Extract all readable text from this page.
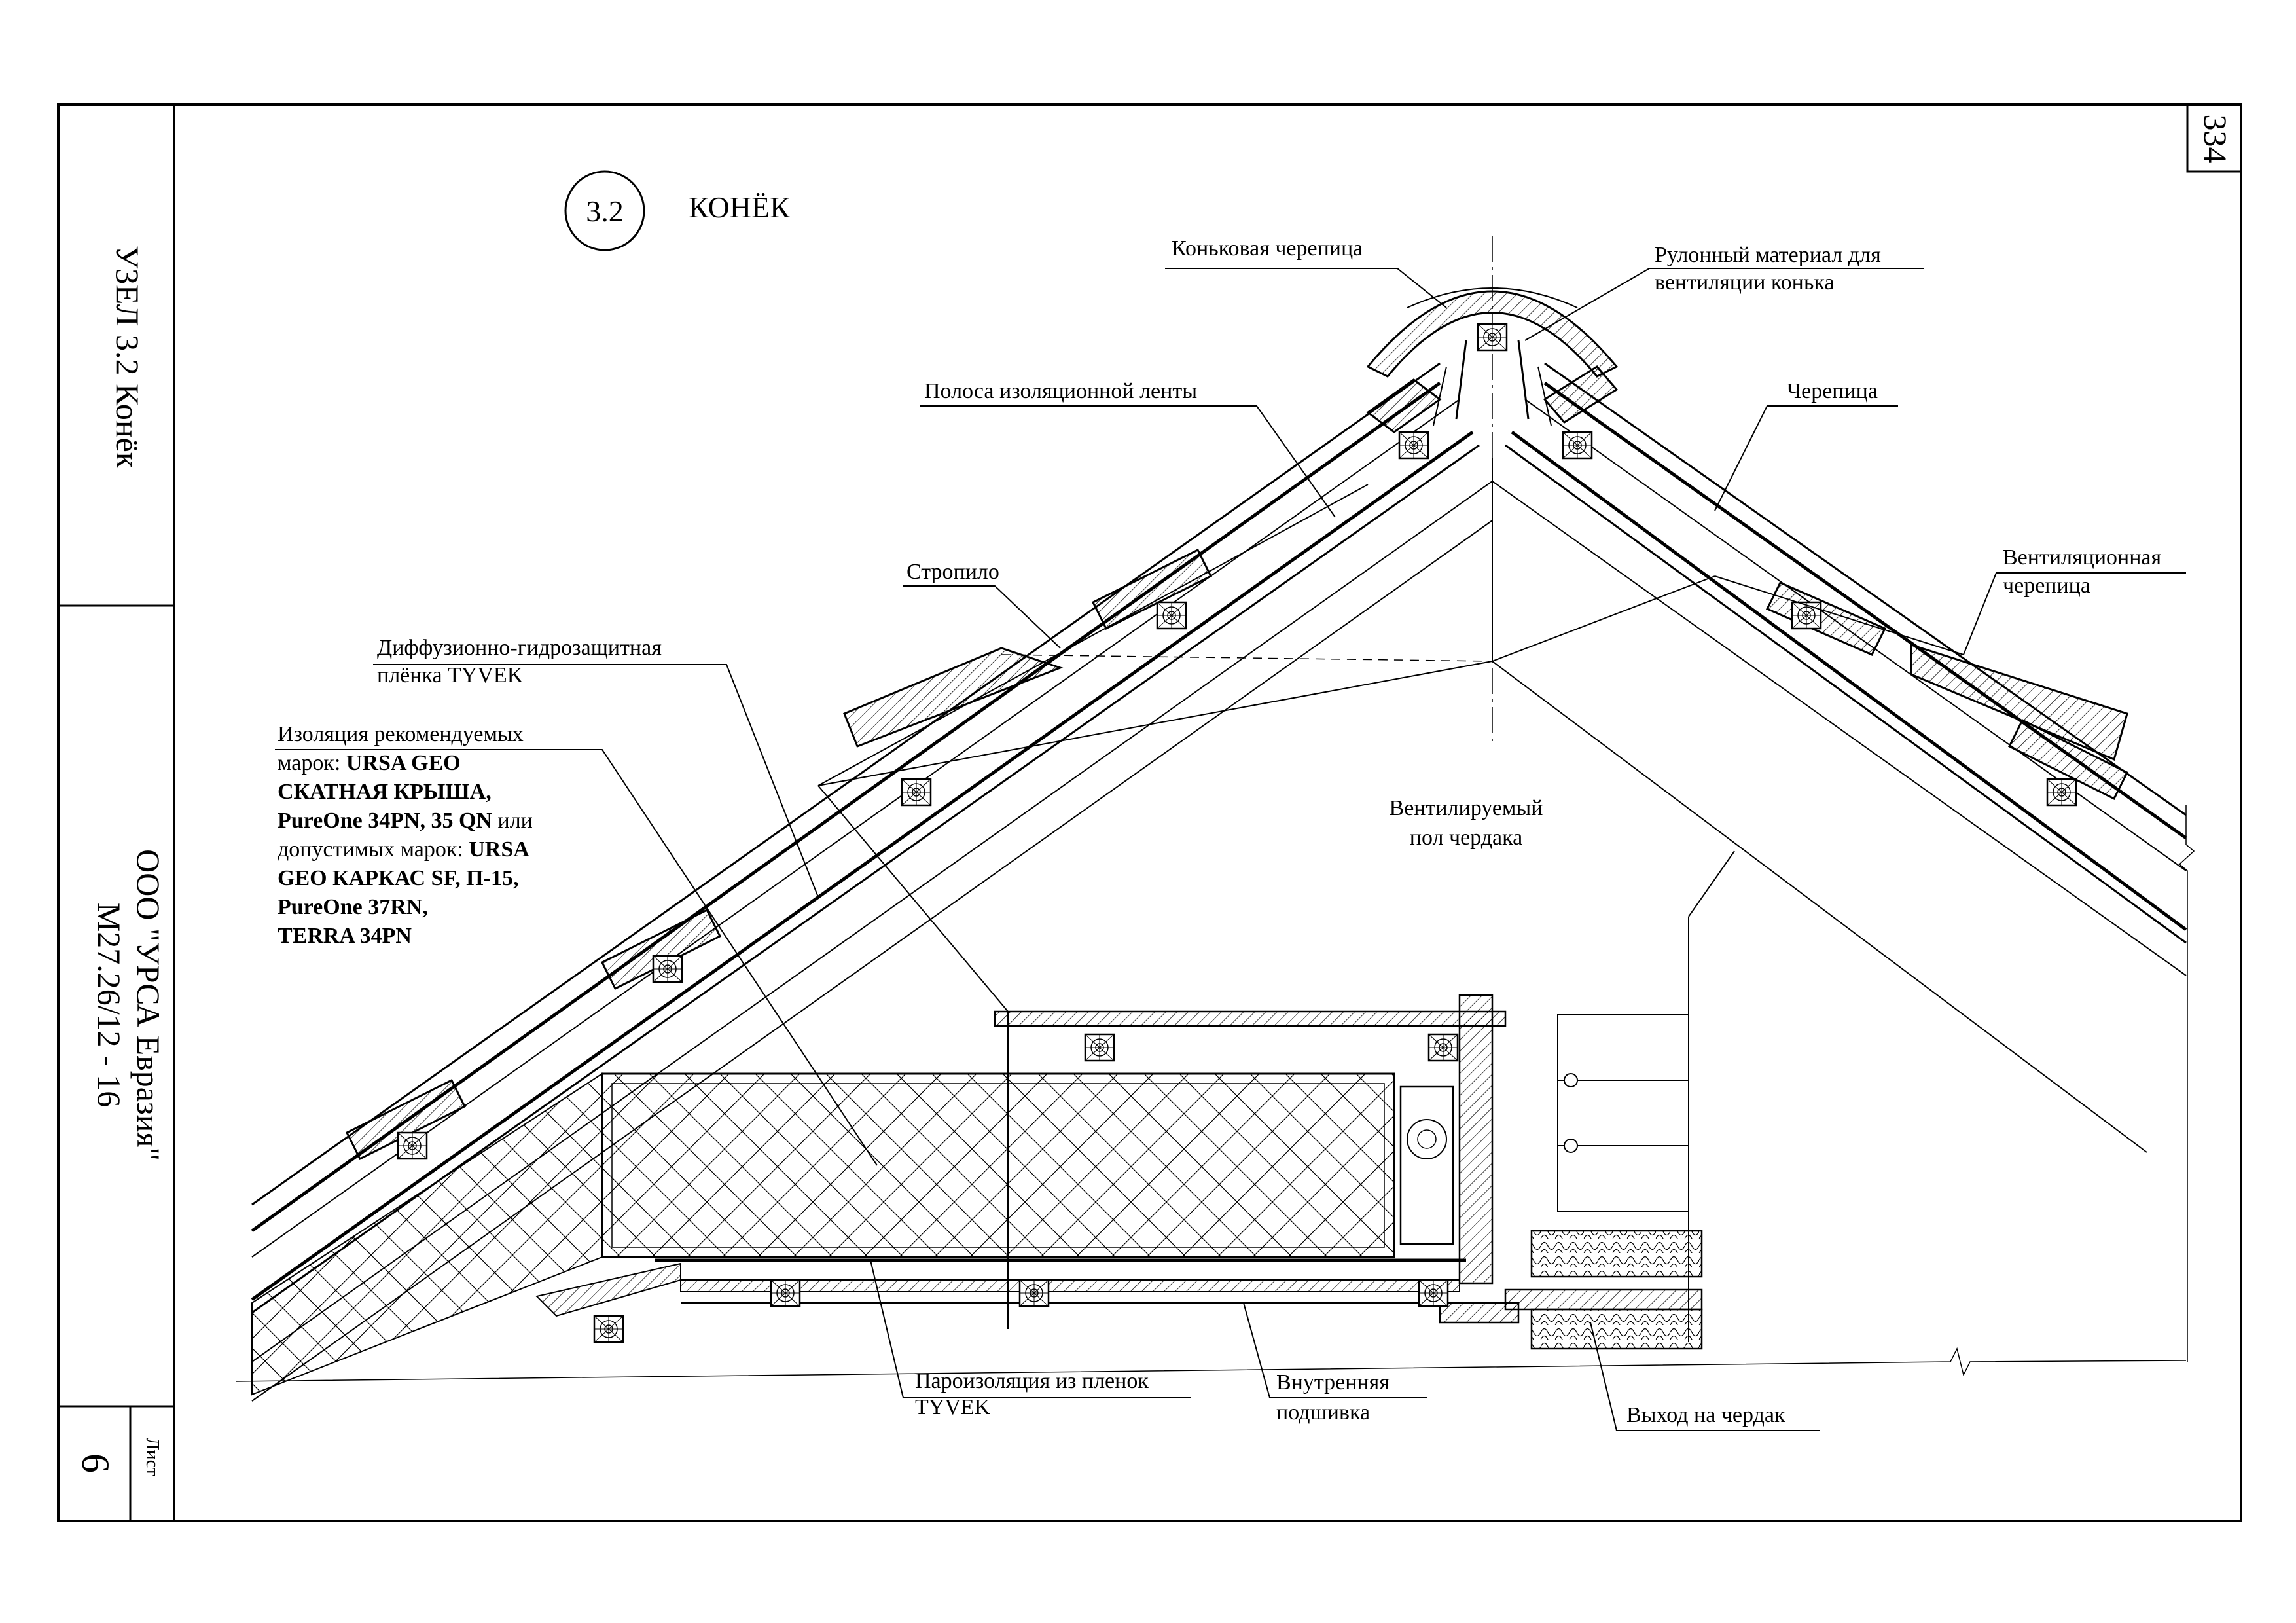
334
УЗЕЛ 3.2 Конёк
ООО "УРСА Евразия"
М27.26/12 - 16
Лист
6
3.2 КОНЁК
Коньковая черепица	Рулонный материал для
вентиляции конька
Полоса изоляционной ленты	Черепица
Вентиляционная
черепица
Стропило
Диффузионно-гидрозащитная
плёнка TYVEK
Изоляция рекомендуемых
марок: URSA GEO
СКАТНАЯ КРЫША,
PureOne 34PN, 35 QN или
допустимых марок: URSA
GEO КАРКАС SF, П-15,
PureOne 37RN,
TERRA 34PN
Вентилируемый
пол чердака
Пароизоляция из пленок
TYVEK
Внутренняя
подшивка	Выход на чердак
